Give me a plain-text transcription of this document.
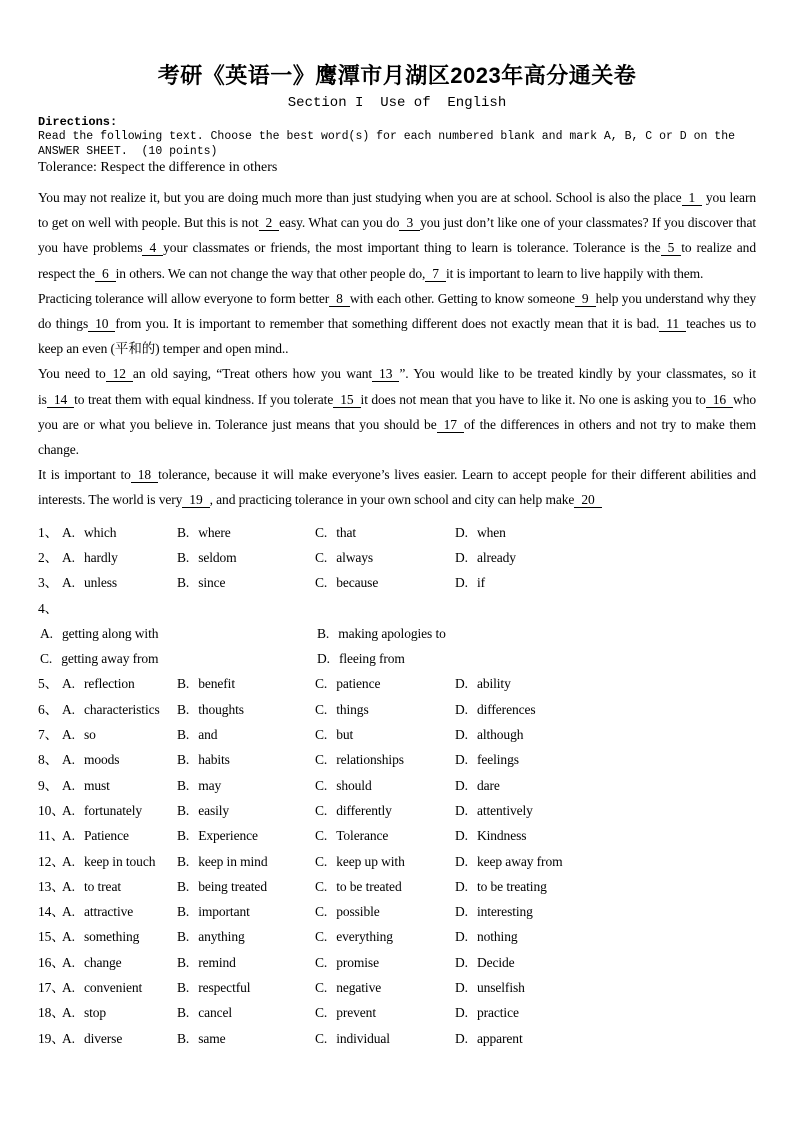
考研《英语一》鹰潭市月湖区2023年高分通关卷
Section I  Use of  English
Directions:
Read the following text. Choose the best word(s) for each numbered blank and mark A, B, C or D on the ANSWER SHEET.  (10 points)
Tolerance: Respect the difference in others

You may not realize it, but you are doing much more than just studying when you are at school. School is also the place 1 you learn to get on well with people. But this is not 2 easy. What can you do 3 you just don’t like one of your classmates? If you discover that you have problems 4 your classmates or friends, the most important thing to learn is tolerance. Tolerance is the 5 to realize and respect the 6 in others. We can not change the way that other people do, 7 it is important to learn to live happily with them.

Practicing tolerance will allow everyone to form better 8 with each other. Getting to know someone 9 help you understand why they do things 10 from you. It is important to remember that something different does not exactly mean that it is bad. 11 teaches us to keep an even (平和的) temper and open mind..

You need to 12 an old saying, “Treat others how you want 13 ”. You would like to be treated kindly by your classmates, so it is 14 to treat them with equal kindness. If you tolerate 15 it does not mean that you have to like it. No one is asking you to 16 who you are or what you believe in. Tolerance just means that you should be 17 of the differences in others and not try to make them change.

It is important to 18 tolerance, because it will make everyone’s lives easier. Learn to accept people for their different abilities and interests. The world is very 19 , and practicing tolerance in your own school and city can help make 20

1、 A. which	B. where	C. that	D. when
2、 A. hardly	B. seldom	C. always	D. already
3、 A. unless	B. since	C. because	D. if
4、
A. getting along with	B. making apologies to
C. getting away from	D. fleeing from
5、 A. reflection	B. benefit	C. patience	D. ability
6、 A. characteristics	B. thoughts	C. things	D. differences
7、 A. so	B. and	C. but	D. although
8、 A. moods	B. habits	C. relationships	D. feelings
9、 A. must	B. may	C. should	D. dare
10、A. fortunately	B. easily	C. differently	D. attentively
11、A. Patience	B. Experience	C. Tolerance	D. Kindness
12、A. keep in touch	B. keep in mind	C. keep up with	D. keep away from
13、A. to treat	B. being treated	C. to be treated	D. to be treating
14、A. attractive	B. important	C. possible	D. interesting
15、A. something	B. anything	C. everything	D. nothing
16、A. change	B. remind	C. promise	D. Decide
17、A. convenient	B. respectful	C. negative	D. unselfish
18、A. stop	B. cancel	C. prevent	D. practice
19、A. diverse	B. same	C. individual	D. apparent
